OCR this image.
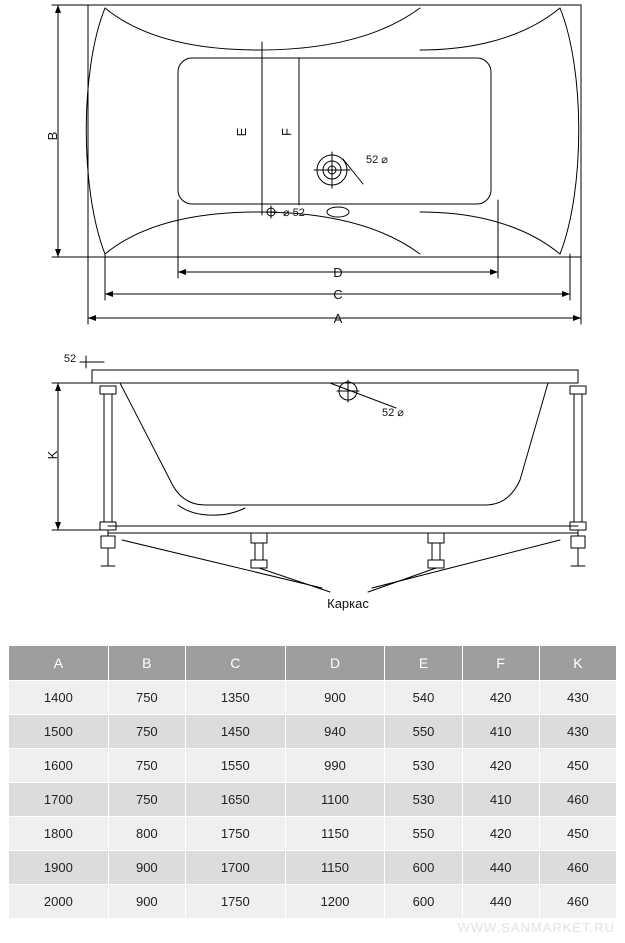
B	E F
D
C
A
52 ⌀
⌀ 52
52
K
52 ⌀
Каркас
A	B	C	D	E	F	K
1400	750	1350	900	540	420	430
1500	750	1450	940	550	410	430
1600	750	1550	990	530	420	450
1700	750	1650	1100	530	410	460
1800	800	1750	1150	550	420	450
1900	900	1700	1150	600	440	460
2000	900	1750	1200	600	440	460
WWW.SANMARKET.RU
